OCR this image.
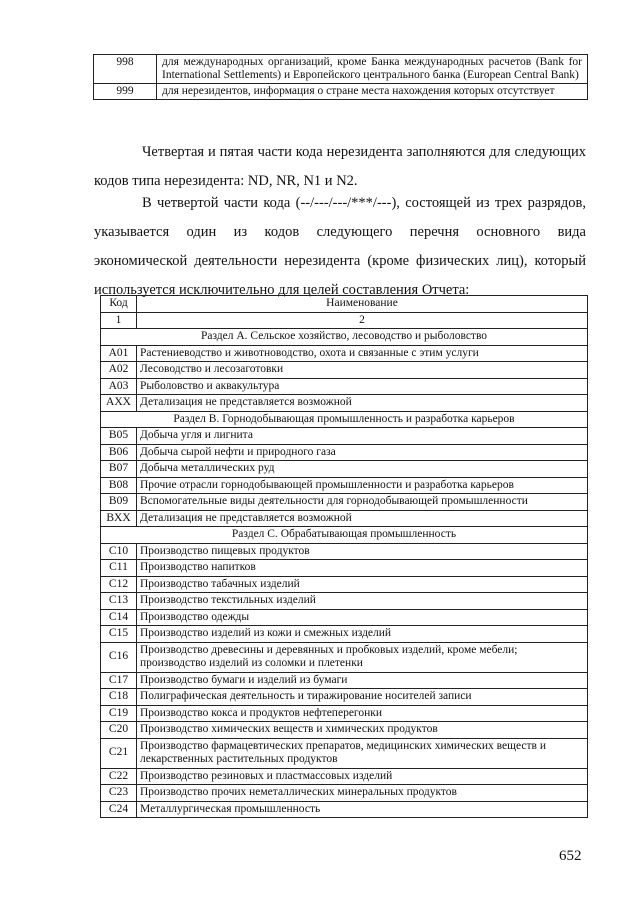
998	для международных организаций, кроме Банка международных расчетов (Bank for International Settlements) и Европейского центрального банка (European Central Bank)
999	для нерезидентов, информация о стране места нахождения которых отсутствует

Четвертая и пятая части кода нерезидента заполняются для следующих кодов типа нерезидента: ND, NR, N1 и N2.

В четвертой части кода (--/---/---/***/---), состоящей из трех разрядов, указывается один из кодов следующего перечня основного вида экономической деятельности нерезидента (кроме физических лиц), который используется исключительно для целей составления Отчета:

Код	Наименование
1	2
Раздел А. Сельское хозяйство, лесоводство и рыболовство	
A01	Растениеводство и животноводство, охота и связанные с этим услуги
A02	Лесоводство и лесозаготовки
A03	Рыболовство и аквакультура
AXX	Детализация не представляется возможной
Раздел В. Горнодобывающая промышленность и разработка карьеров	
B05	Добыча угля и лигнита
B06	Добыча сырой нефти и природного газа
B07	Добыча металлических руд
B08	Прочие отрасли горнодобывающей промышленности и разработка карьеров
B09	Вспомогательные виды деятельности для горнодобывающей промышленности
BXX	Детализация не представляется возможной
Раздел С. Обрабатывающая промышленность	
C10	Производство пищевых продуктов
C11	Производство напитков
C12	Производство табачных изделий
C13	Производство текстильных изделий
C14	Производство одежды
C15	Производство изделий из кожи и смежных изделий
C16	Производство древесины и деревянных и пробковых изделий, кроме мебели; производство изделий из соломки и плетенки
C17	Производство бумаги и изделий из бумаги
C18	Полиграфическая деятельность и тиражирование носителей записи
C19	Производство кокса и продуктов нефтеперегонки
C20	Производство химических веществ и химических продуктов
C21	Производство фармацевтических препаратов, медицинских химических веществ и лекарственных растительных продуктов
C22	Производство резиновых и пластмассовых изделий
C23	Производство прочих неметаллических минеральных продуктов
C24	Металлургическая промышленность
652
